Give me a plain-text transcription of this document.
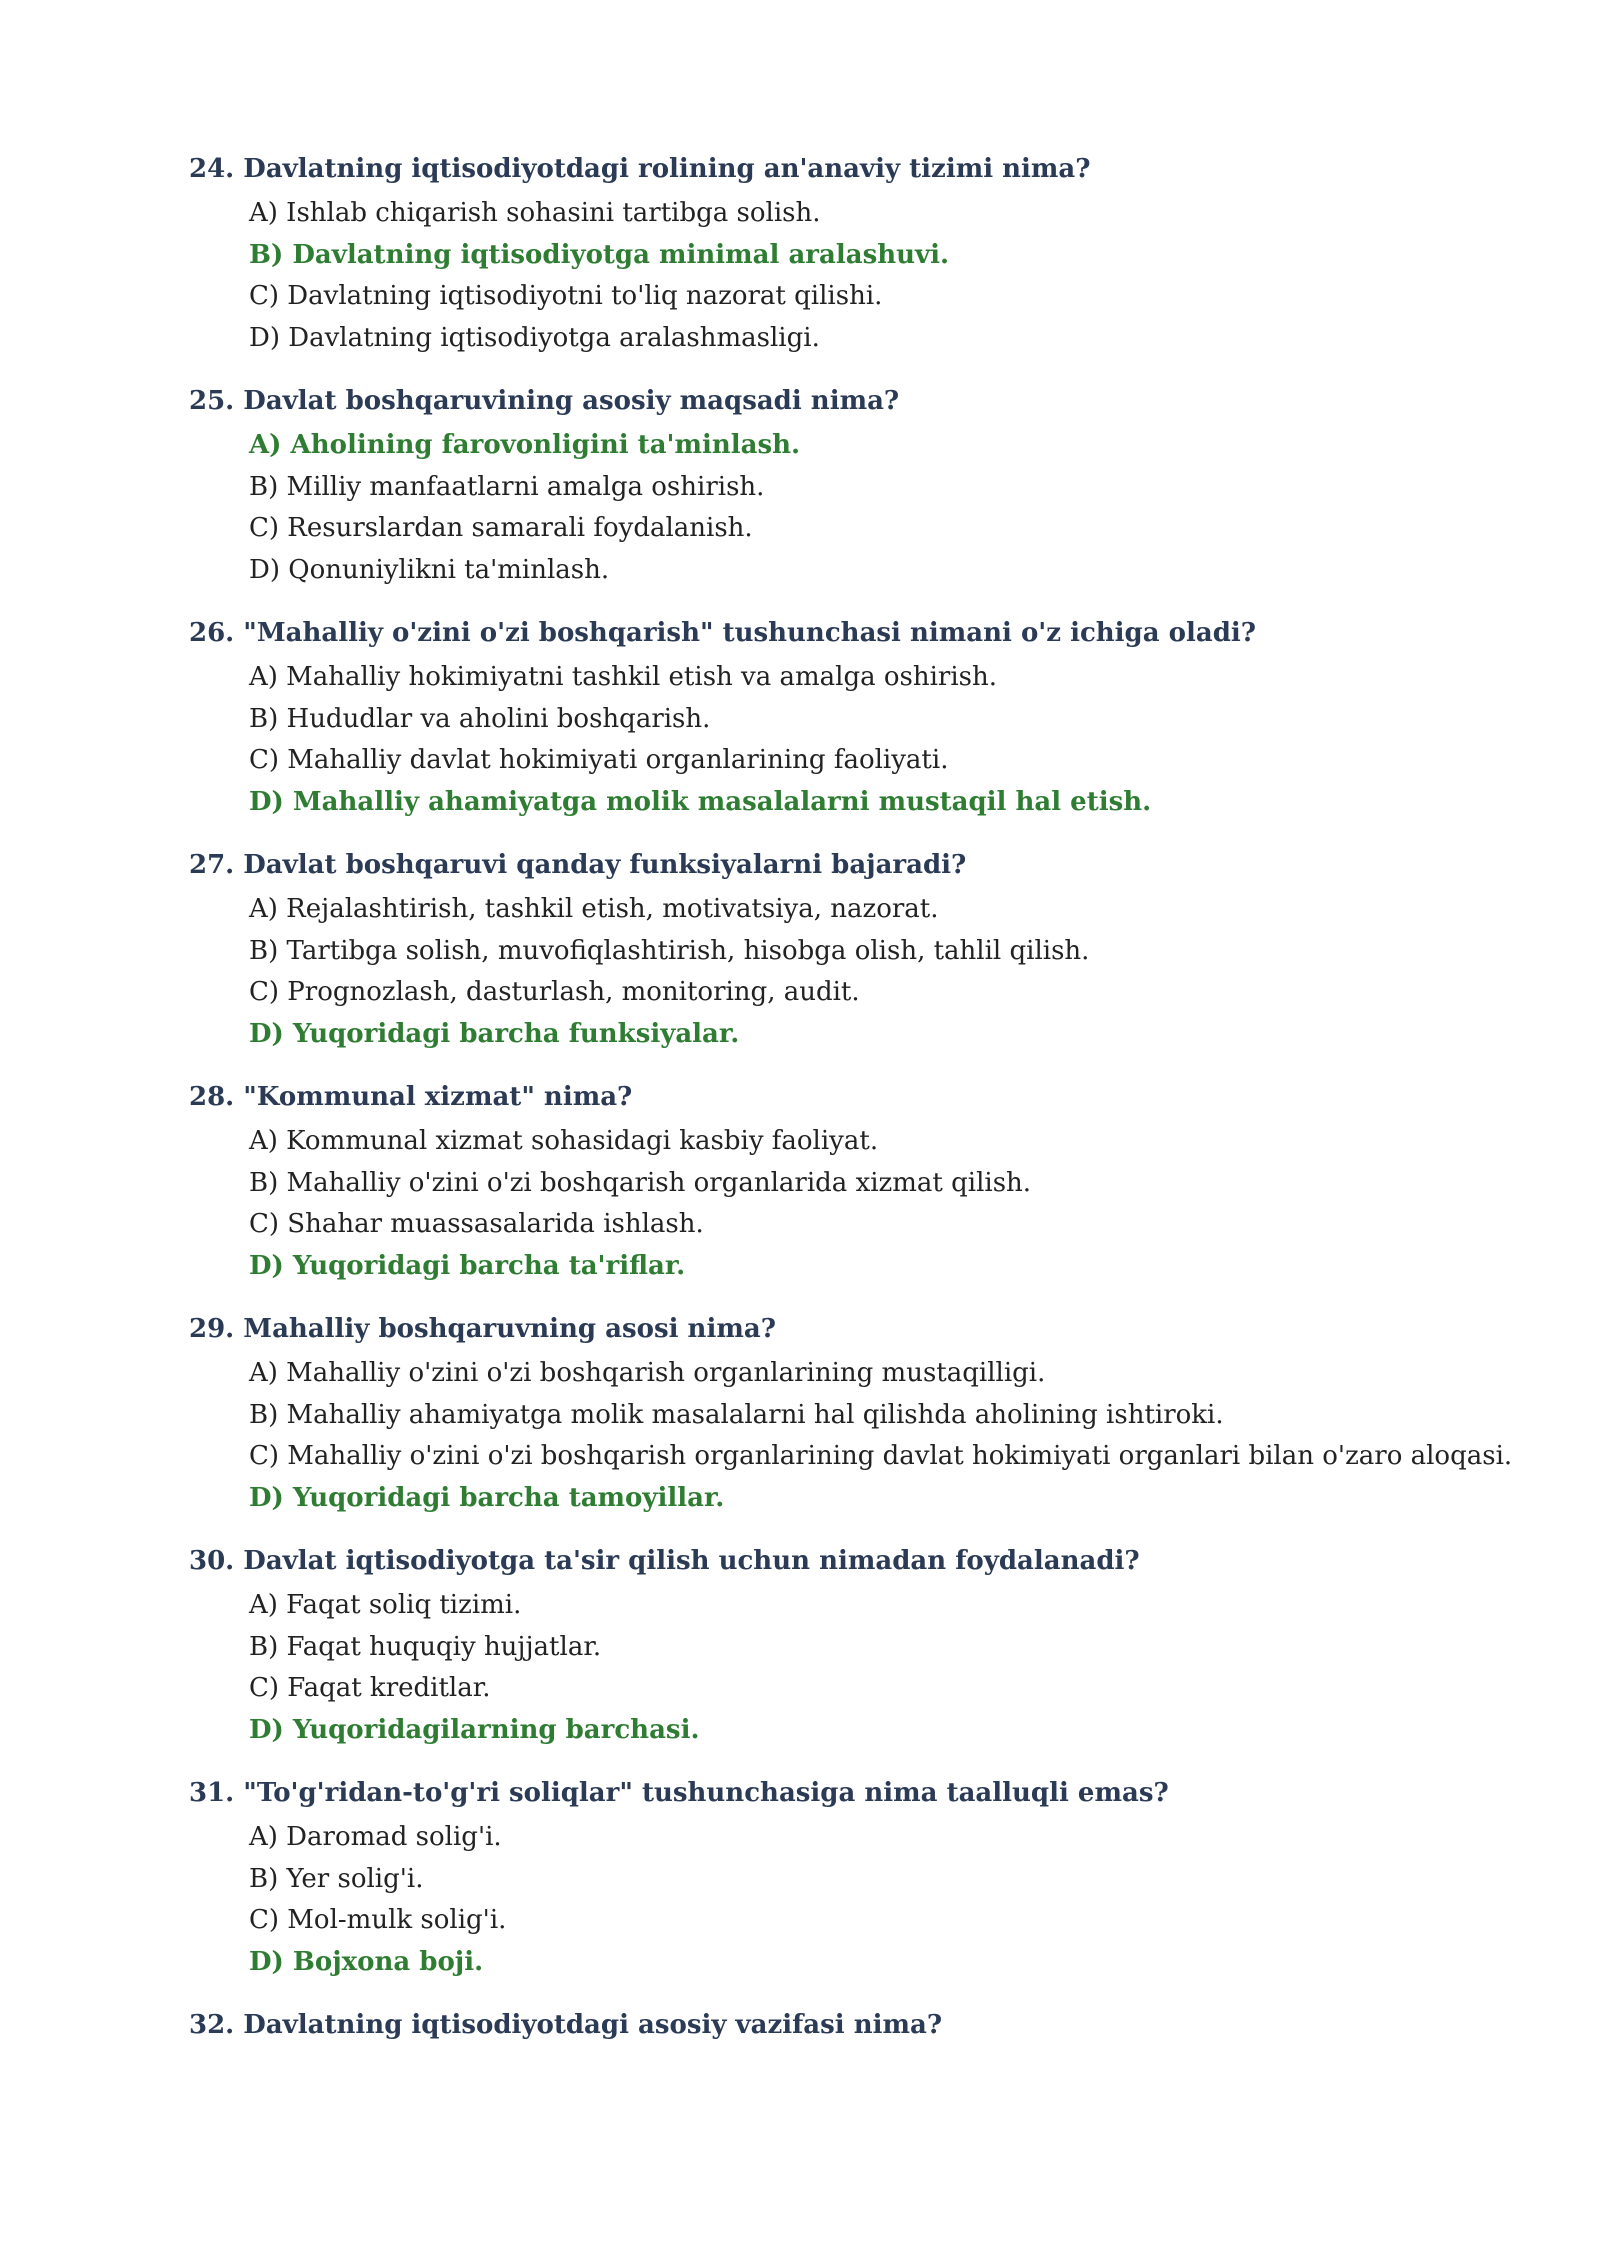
24. Davlatning iqtisodiyotdagi rolining an'anaviy tizimi nima?
A) Ishlab chiqarish sohasini tartibga solish.
B) Davlatning iqtisodiyotga minimal aralashuvi.
C) Davlatning iqtisodiyotni to'liq nazorat qilishi.
D) Davlatning iqtisodiyotga aralashmasligi.
25. Davlat boshqaruvining asosiy maqsadi nima?
A) Aholining farovonligini ta'minlash.
B) Milliy manfaatlarni amalga oshirish.
C) Resurslardan samarali foydalanish.
D) Qonuniylikni ta'minlash.
26. "Mahalliy o'zini o'zi boshqarish" tushunchasi nimani o'z ichiga oladi?
A) Mahalliy hokimiyatni tashkil etish va amalga oshirish.
B) Hududlar va aholini boshqarish.
C) Mahalliy davlat hokimiyati organlarining faoliyati.
D) Mahalliy ahamiyatga molik masalalarni mustaqil hal etish.
27. Davlat boshqaruvi qanday funksiyalarni bajaradi?
A) Rejalashtirish, tashkil etish, motivatsiya, nazorat.
B) Tartibga solish, muvofiqlashtirish, hisobga olish, tahlil qilish.
C) Prognozlash, dasturlash, monitoring, audit.
D) Yuqoridagi barcha funksiyalar.
28. "Kommunal xizmat" nima?
A) Kommunal xizmat sohasidagi kasbiy faoliyat.
B) Mahalliy o'zini o'zi boshqarish organlarida xizmat qilish.
C) Shahar muassasalarida ishlash.
D) Yuqoridagi barcha ta'riflar.
29. Mahalliy boshqaruvning asosi nima?
A) Mahalliy o'zini o'zi boshqarish organlarining mustaqilligi.
B) Mahalliy ahamiyatga molik masalalarni hal qilishda aholining ishtiroki.
C) Mahalliy o'zini o'zi boshqarish organlarining davlat hokimiyati organlari bilan o'zaro aloqasi.
D) Yuqoridagi barcha tamoyillar.
30. Davlat iqtisodiyotga ta'sir qilish uchun nimadan foydalanadi?
A) Faqat soliq tizimi.
B) Faqat huquqiy hujjatlar.
C) Faqat kreditlar.
D) Yuqoridagilarning barchasi.
31. "To'g'ridan-to'g'ri soliqlar" tushunchasiga nima taalluqli emas?
A) Daromad solig'i.
B) Yer solig'i.
C) Mol-mulk solig'i.
D) Bojxona boji.
32. Davlatning iqtisodiyotdagi asosiy vazifasi nima?
